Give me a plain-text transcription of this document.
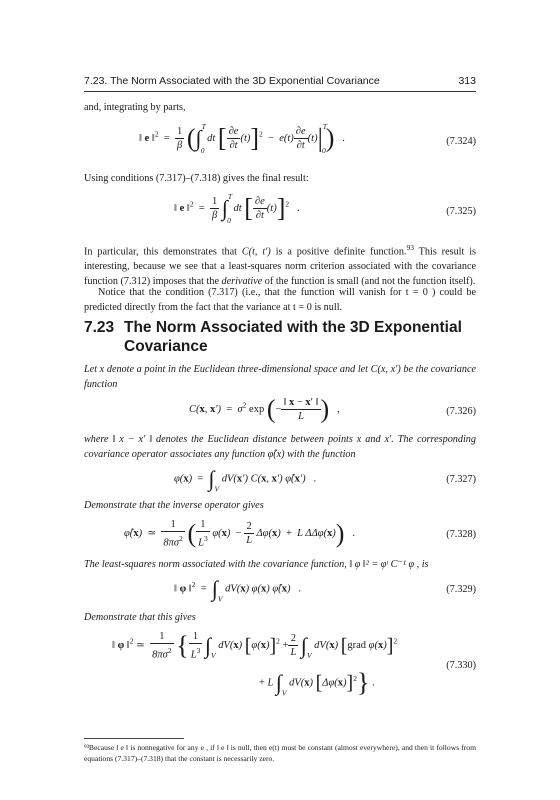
7.23. The Norm Associated with the 3D Exponential Covariance	313
and, integrating by parts,
‖ e ‖$^2$  = $\frac{1}{\beta} (\int^T_0$ dt [ $\frac{\partial e}{\partial t} (t)]^2 - e(t) \frac{\partial e}{\partial t} (t)|^T_0$)   .	(7.324)
Using conditions (7.317)–(7.318) gives the final result:
‖ e ‖$^2$  = $\frac{1}{\beta} \int^T_0$ dt [ $\frac{\partial e}{\partial t} (t)]^2$   .	(7.325)
In particular, this demonstrates that C(t, t′) is a positive definite function.$^{93}$ This result is interesting, because we see that a least-squares norm criterion associated with the covariance function (7.312) imposes that the derivative of the function is small (and not the function itself).
Notice that the condition (7.317) (i.e., that the function will vanish for t = 0 ) could be predicted directly from the fact that the variance at t = 0 is null.
7.23 The Norm Associated with the 3D Exponential
Covariance
Let x denote a point in the Euclidean three-dimensional space and let C(x, x′) be the covariance function
C(x, $x') = \sigma^2$ exp (− $\frac{‖ x - x' ‖}{L}$ )   ,	(7.326)
where ‖ x − x′ ‖ denotes the Euclidean distance between points x and x′. The corresponding covariance operator associates any function φ̂(x) with the function
$\varphi(x) = \int_V$ dV(x′) C(x, x′) φ̂(x′)   .	(7.327)
Demonstrate that the inverse operator gives
φ̂(x)  ≃ $\frac{1}{8\pi\sigma^2}$ ( $\frac{1}{L^3} \varphi(x) - \frac{2}{L} \Delta\varphi(x) + L$ ΔΔφ(x))   .	(7.328)
The least-squares norm associated with the covariance function, ‖ φ ‖² = φᵗ C⁻¹ φ , is
‖ φ ‖$^2$  =  $\int_V$ dV(x) φ(x) φ̂(x)   .	(7.329)
Demonstrate that this gives
‖ φ ‖$^2$ ≃ $\frac{1}{8\pi\sigma^2}$ { $\frac{1}{L^3} \int_V$ dV(x) $[\varphi(x)]^2 + \frac{2}{L} \int_V$ dV(x) [grad φ(x)]$^2$
+ L $\int_V$ dV(x) $[\Delta\varphi(x)]^2$} .
(7.330)
⁹³Because ‖ e ‖ is nonnegative for any e , if ‖ e ‖ is null, then e(t) must be constant (almost everywhere), and then it follows from equations (7.317)–(7.318) that the constant is necessarily zero.
